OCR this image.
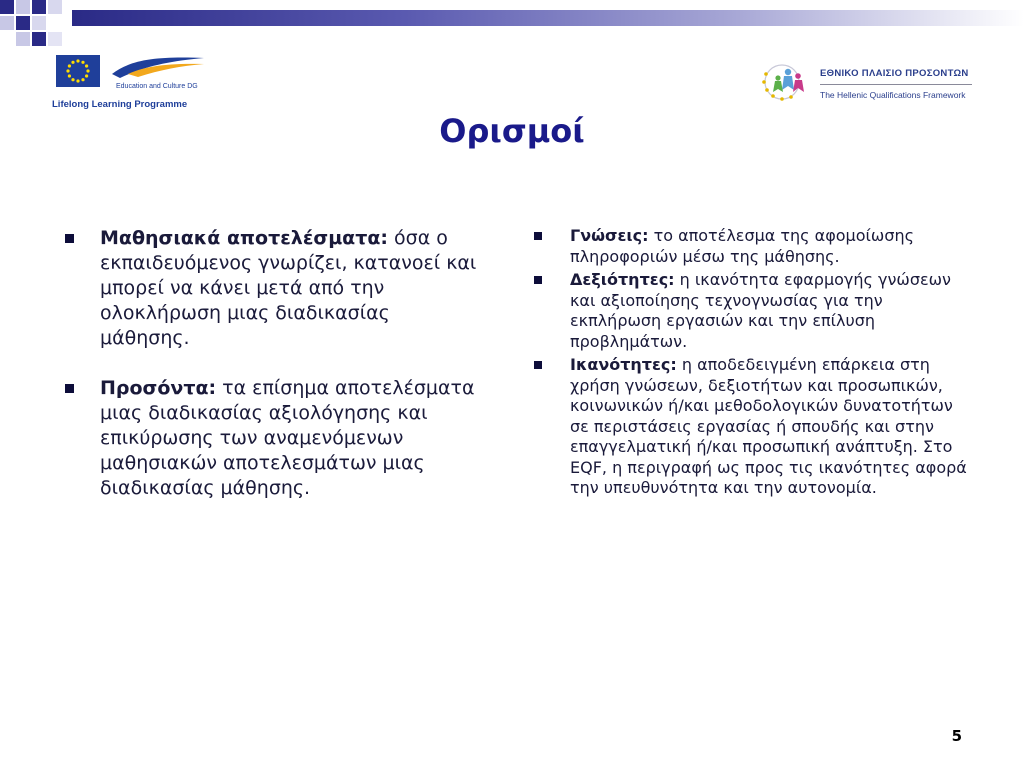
Education and Culture DG
Lifelong Learning Programme
ΕΘΝΙΚΟ ΠΛΑΙΣΙΟ ΠΡΟΣΟΝΤΩΝ
The Hellenic Qualifications Framework
Ορισμοί
Μαθησιακά αποτελέσματα: όσα ο εκπαιδευόμενος γνωρίζει, κατανοεί και μπορεί να κάνει μετά από την ολοκλήρωση μιας διαδικασίας μάθησης.
Προσόντα: τα επίσημα αποτελέσματα μιας διαδικασίας αξιολόγησης και επικύρωσης των αναμενόμενων μαθησιακών αποτελεσμάτων μιας διαδικασίας μάθησης.
Γνώσεις: το αποτέλεσμα της αφομοίωσης πληροφοριών μέσω της μάθησης.
Δεξιότητες: η ικανότητα εφαρμογής γνώσεων και αξιοποίησης τεχνογνωσίας για την εκπλήρωση εργασιών και την επίλυση προβλημάτων.
Ικανότητες: η αποδεδειγμένη επάρκεια στη χρήση γνώσεων, δεξιοτήτων και προσωπικών, κοινωνικών ή/και μεθοδολογικών δυνατοτήτων σε περιστάσεις εργασίας ή σπουδής και στην επαγγελματική ή/και προσωπική ανάπτυξη. Στο EQF, η περιγραφή ως προς τις ικανότητες αφορά την υπευθυνότητα και την αυτονομία.
5
